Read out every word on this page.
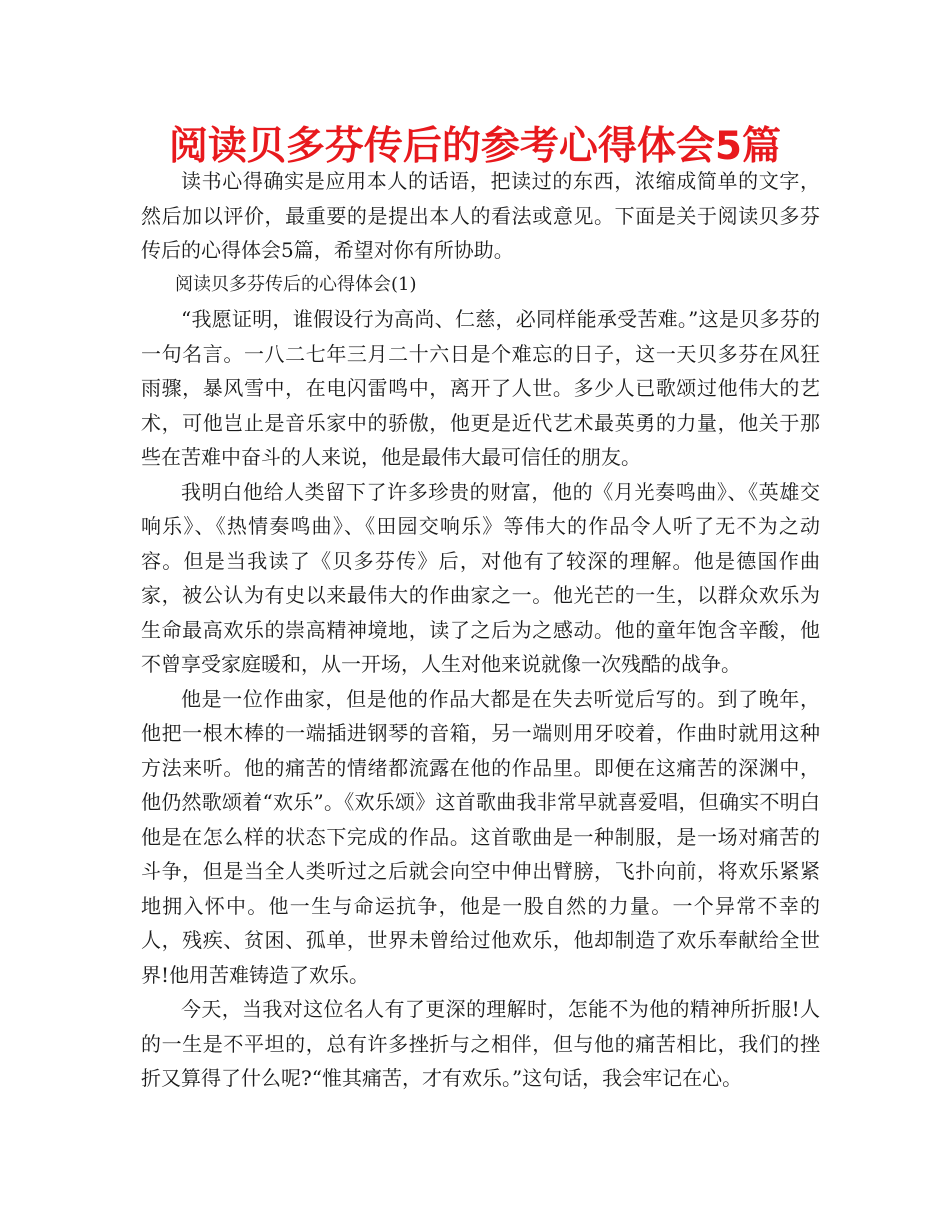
阅读贝多芬传后的参考心得体会5篇

读书心得确实是应用本人的话语，把读过的东西，浓缩成简单的文字，然后加以评价，最重要的是提出本人的看法或意见。下面是关于阅读贝多芬传后的心得体会5篇，希望对你有所协助。

阅读贝多芬传后的心得体会(1)

“我愿证明，谁假设行为高尚、仁慈，必同样能承受苦难。”这是贝多芬的一句名言。一八二七年三月二十六日是个难忘的日子，这一天贝多芬在风狂雨骤，暴风雪中，在电闪雷鸣中，离开了人世。多少人已歌颂过他伟大的艺术，可他岂止是音乐家中的骄傲，他更是近代艺术最英勇的力量，他关于那些在苦难中奋斗的人来说，他是最伟大最可信任的朋友。

我明白他给人类留下了许多珍贵的财富，他的《月光奏鸣曲》、《英雄交响乐》、《热情奏鸣曲》、《田园交响乐》等伟大的作品令人听了无不为之动容。但是当我读了《贝多芬传》后，对他有了较深的理解。他是德国作曲家，被公认为有史以来最伟大的作曲家之一。他光芒的一生，以群众欢乐为生命最高欢乐的崇高精神境地，读了之后为之感动。他的童年饱含辛酸，他不曾享受家庭暖和，从一开场，人生对他来说就像一次残酷的战争。

他是一位作曲家，但是他的作品大都是在失去听觉后写的。到了晚年，他把一根木棒的一端插进钢琴的音箱，另一端则用牙咬着，作曲时就用这种方法来听。他的痛苦的情绪都流露在他的作品里。即便在这痛苦的深渊中，他仍然歌颂着“欢乐”。《欢乐颂》这首歌曲我非常早就喜爱唱，但确实不明白他是在怎么样的状态下完成的作品。这首歌曲是一种制服，是一场对痛苦的斗争，但是当全人类听过之后就会向空中伸出臂膀，飞扑向前，将欢乐紧紧地拥入怀中。他一生与命运抗争，他是一股自然的力量。一个异常不幸的人，残疾、贫困、孤单，世界未曾给过他欢乐，他却制造了欢乐奉献给全世界!他用苦难铸造了欢乐。

今天，当我对这位名人有了更深的理解时，怎能不为他的精神所折服!人的一生是不平坦的，总有许多挫折与之相伴，但与他的痛苦相比，我们的挫折又算得了什么呢?“惟其痛苦，才有欢乐。”这句话，我会牢记在心。
